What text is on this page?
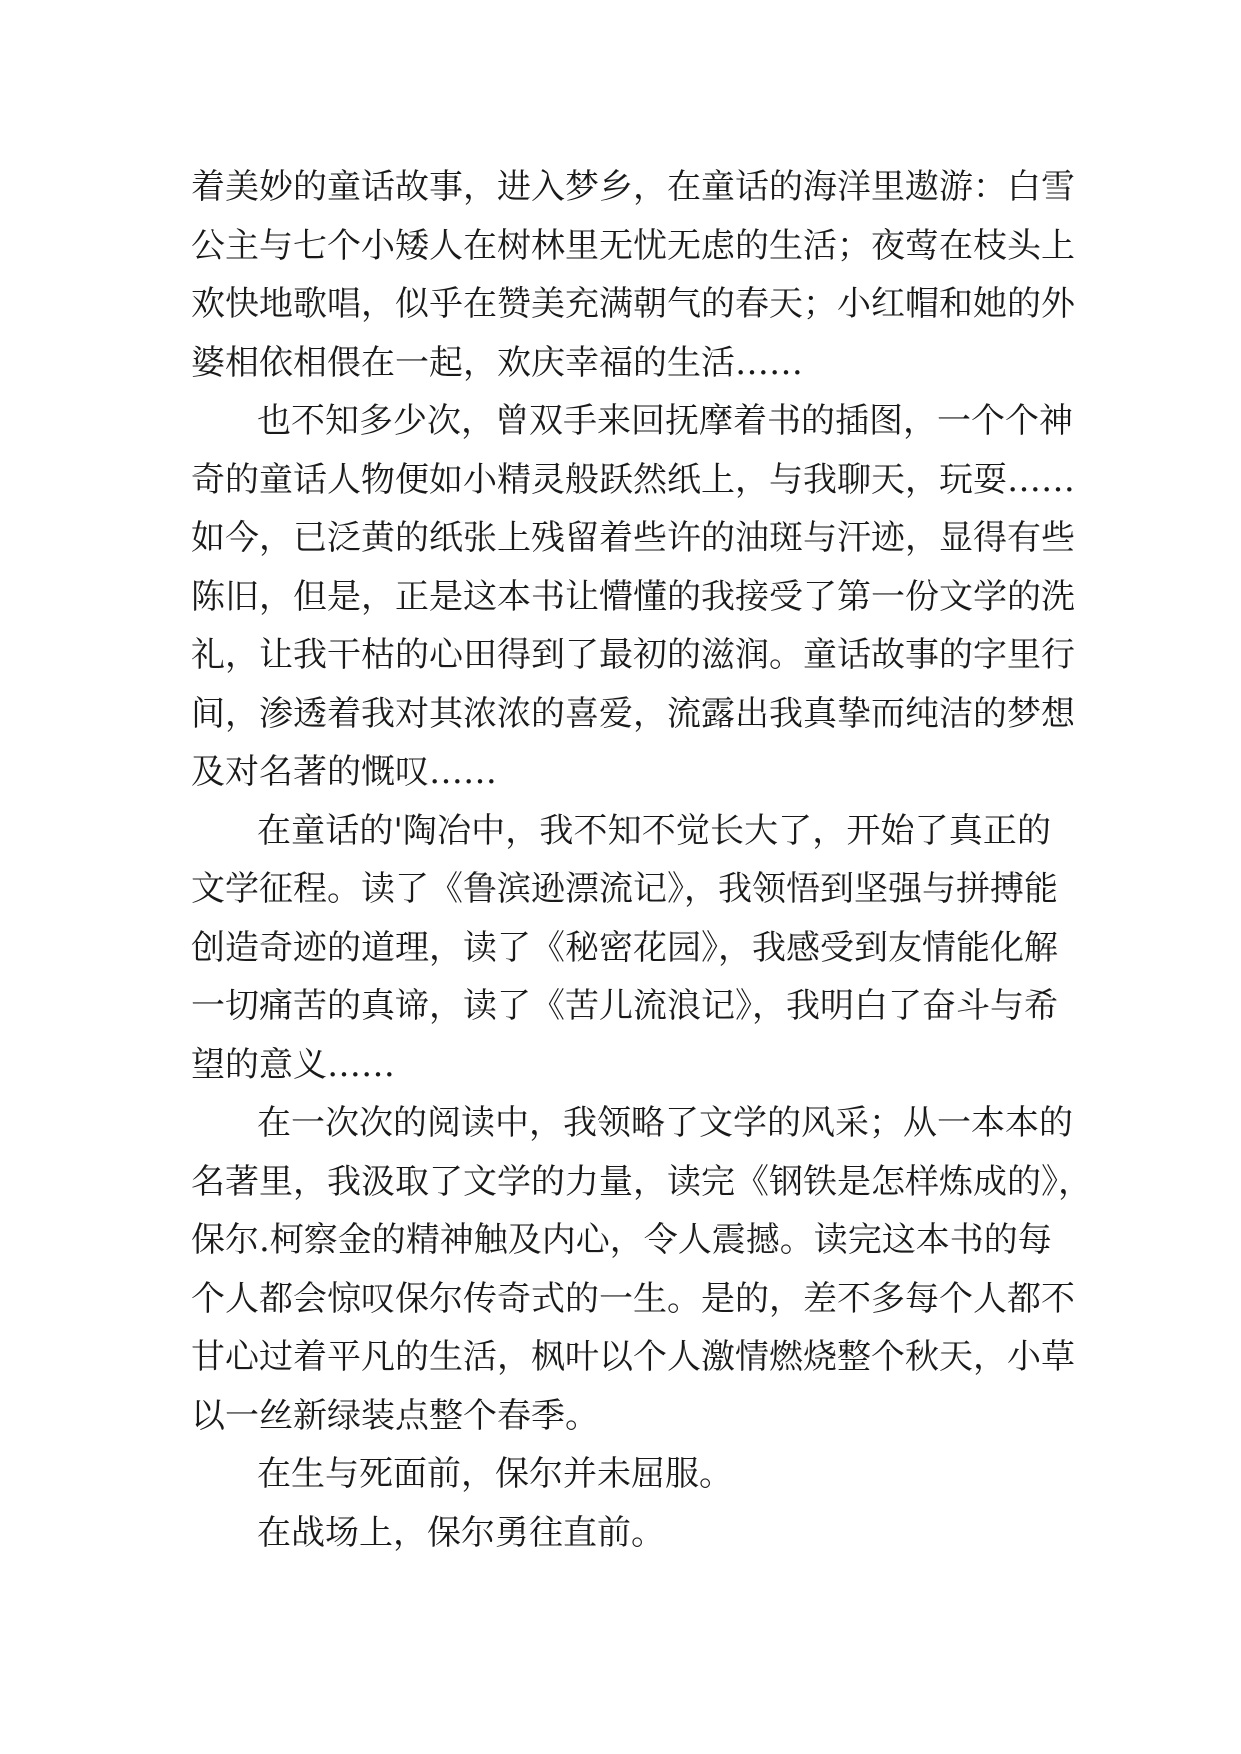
着美妙的童话故事，进入梦乡，在童话的海洋里遨游：白雪
公主与七个小矮人在树林里无忧无虑的生活；夜莺在枝头上
欢快地歌唱，似乎在赞美充满朝气的春天；小红帽和她的外
婆相依相偎在一起，欢庆幸福的生活……
也不知多少次，曾双手来回抚摩着书的插图，一个个神
奇的童话人物便如小精灵般跃然纸上，与我聊天，玩耍……
如今，已泛黄的纸张上残留着些许的油斑与汗迹，显得有些
陈旧，但是，正是这本书让懵懂的我接受了第一份文学的洗
礼，让我干枯的心田得到了最初的滋润。童话故事的字里行
间，渗透着我对其浓浓的喜爱，流露出我真挚而纯洁的梦想
及对名著的慨叹……
在童话的'陶冶中，我不知不觉长大了，开始了真正的
文学征程。读了《鲁滨逊漂流记》，我领悟到坚强与拼搏能
创造奇迹的道理，读了《秘密花园》，我感受到友情能化解
一切痛苦的真谛，读了《苦儿流浪记》，我明白了奋斗与希
望的意义……
在一次次的阅读中，我领略了文学的风采；从一本本的
名著里，我汲取了文学的力量，读完《钢铁是怎样炼成的》，
保尔.柯察金的精神触及内心，令人震撼。读完这本书的每
个人都会惊叹保尔传奇式的一生。是的，差不多每个人都不
甘心过着平凡的生活，枫叶以个人激情燃烧整个秋天，小草
以一丝新绿装点整个春季。
在生与死面前，保尔并未屈服。
在战场上，保尔勇往直前。
